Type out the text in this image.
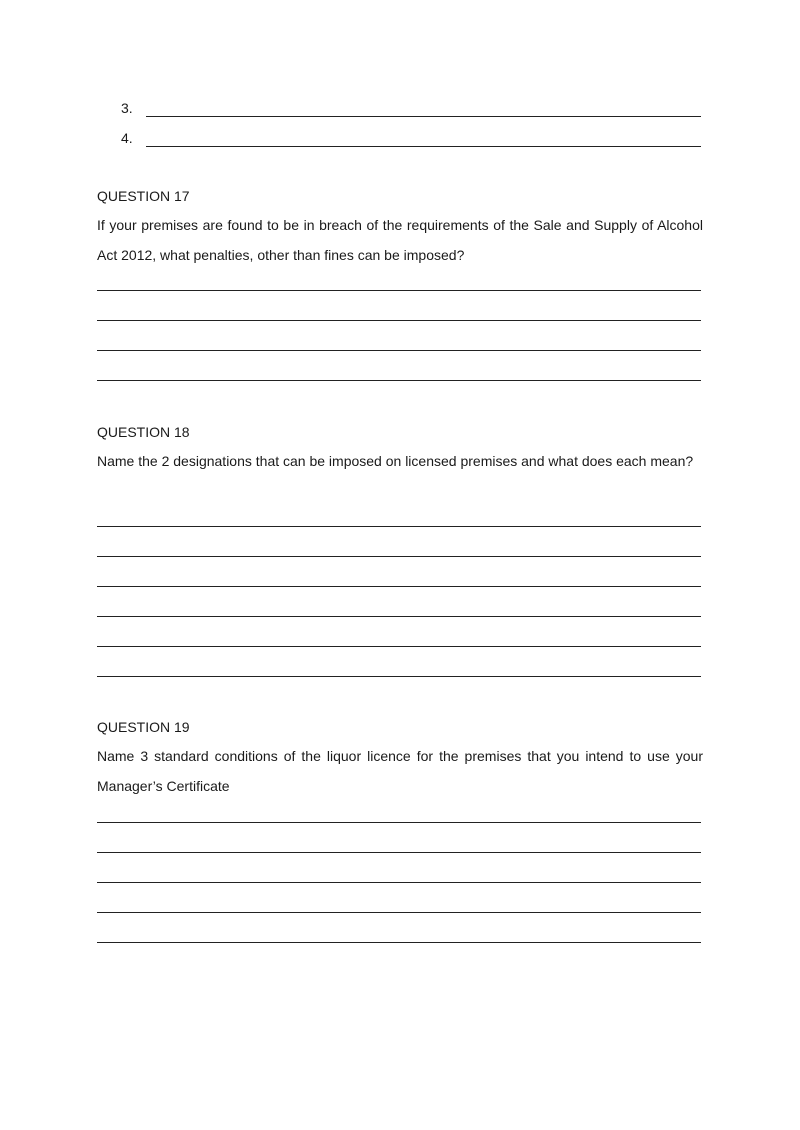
3.
4.
QUESTION 17
If your premises are found to be in breach of the requirements of the Sale and Supply of Alcohol Act 2012, what penalties, other than fines can be imposed?
QUESTION 18
Name the 2 designations that can be imposed on licensed premises and what does each mean?
QUESTION 19
Name 3 standard conditions of the liquor licence for the premises that you intend to use your Manager’s Certificate
